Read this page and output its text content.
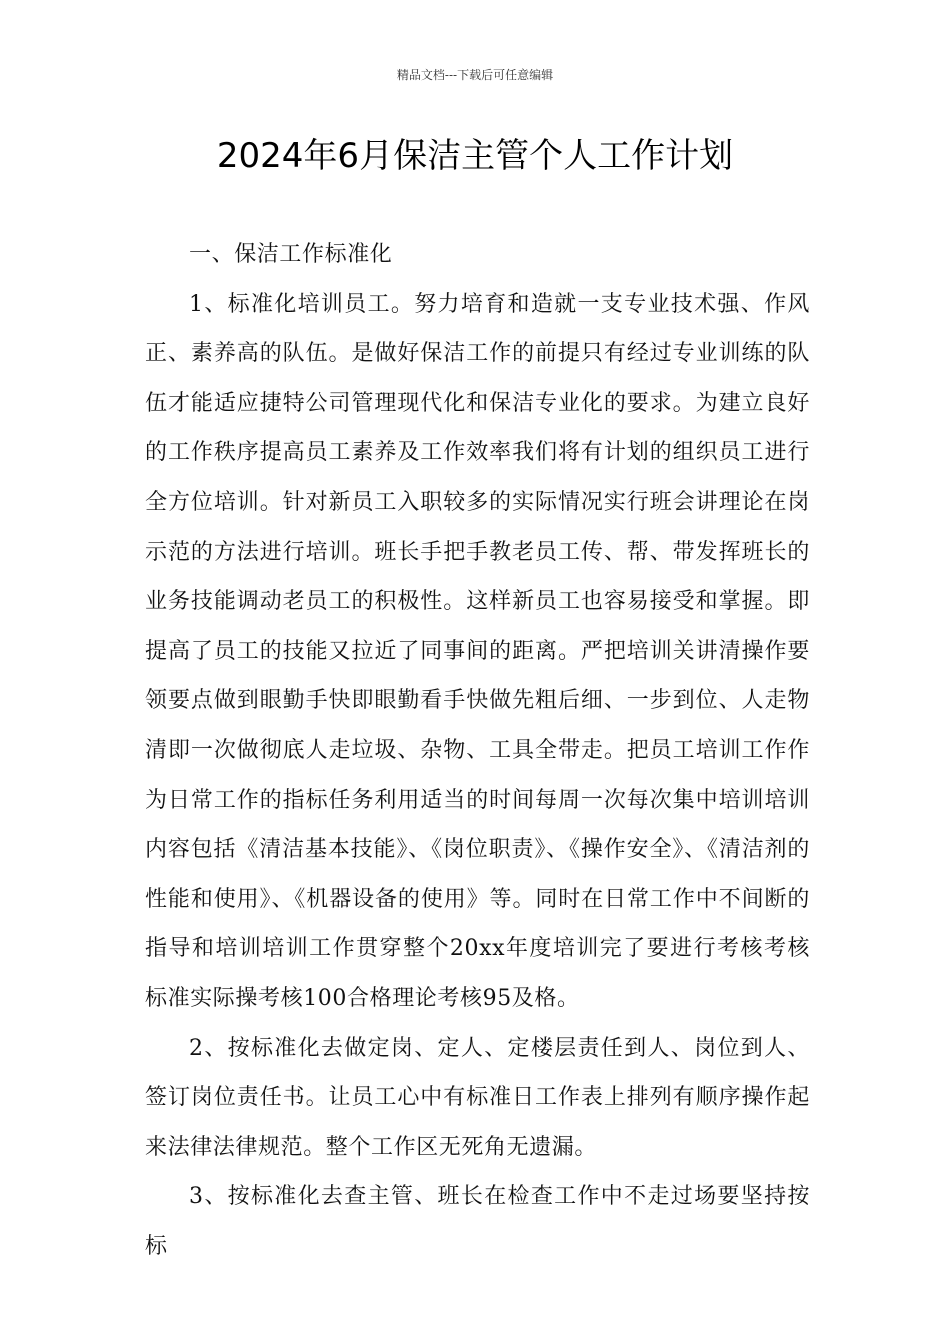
精品文档---下载后可任意编辑
2024年6月保洁主管个人工作计划

一、保洁工作标准化

1、标准化培训员工。努力培育和造就一支专业技术强、作风正、素养高的队伍。是做好保洁工作的前提只有经过专业训练的队伍才能适应捷特公司管理现代化和保洁专业化的要求。为建立良好的工作秩序提高员工素养及工作效率我们将有计划的组织员工进行全方位培训。针对新员工入职较多的实际情况实行班会讲理论在岗示范的方法进行培训。班长手把手教老员工传、帮、带发挥班长的业务技能调动老员工的积极性。这样新员工也容易接受和掌握。即提高了员工的技能又拉近了同事间的距离。严把培训关讲清操作要领要点做到眼勤手快即眼勤看手快做先粗后细、一步到位、人走物清即一次做彻底人走垃圾、杂物、工具全带走。把员工培训工作作为日常工作的指标任务利用适当的时间每周一次每次集中培训培训内容包括《清洁基本技能》、《岗位职责》、《操作安全》、《清洁剂的性能和使用》、《机器设备的使用》等。同时在日常工作中不间断的指导和培训培训工作贯穿整个20xx年度培训完了要进行考核考核标准实际操考核100合格理论考核95及格。

2、按标准化去做定岗、定人、定楼层责任到人、岗位到人、签订岗位责任书。让员工心中有标准日工作表上排列有顺序操作起来法律法律规范。整个工作区无死角无遗漏。

3、按标准化去查主管、班长在检查工作中不走过场要坚持按标
